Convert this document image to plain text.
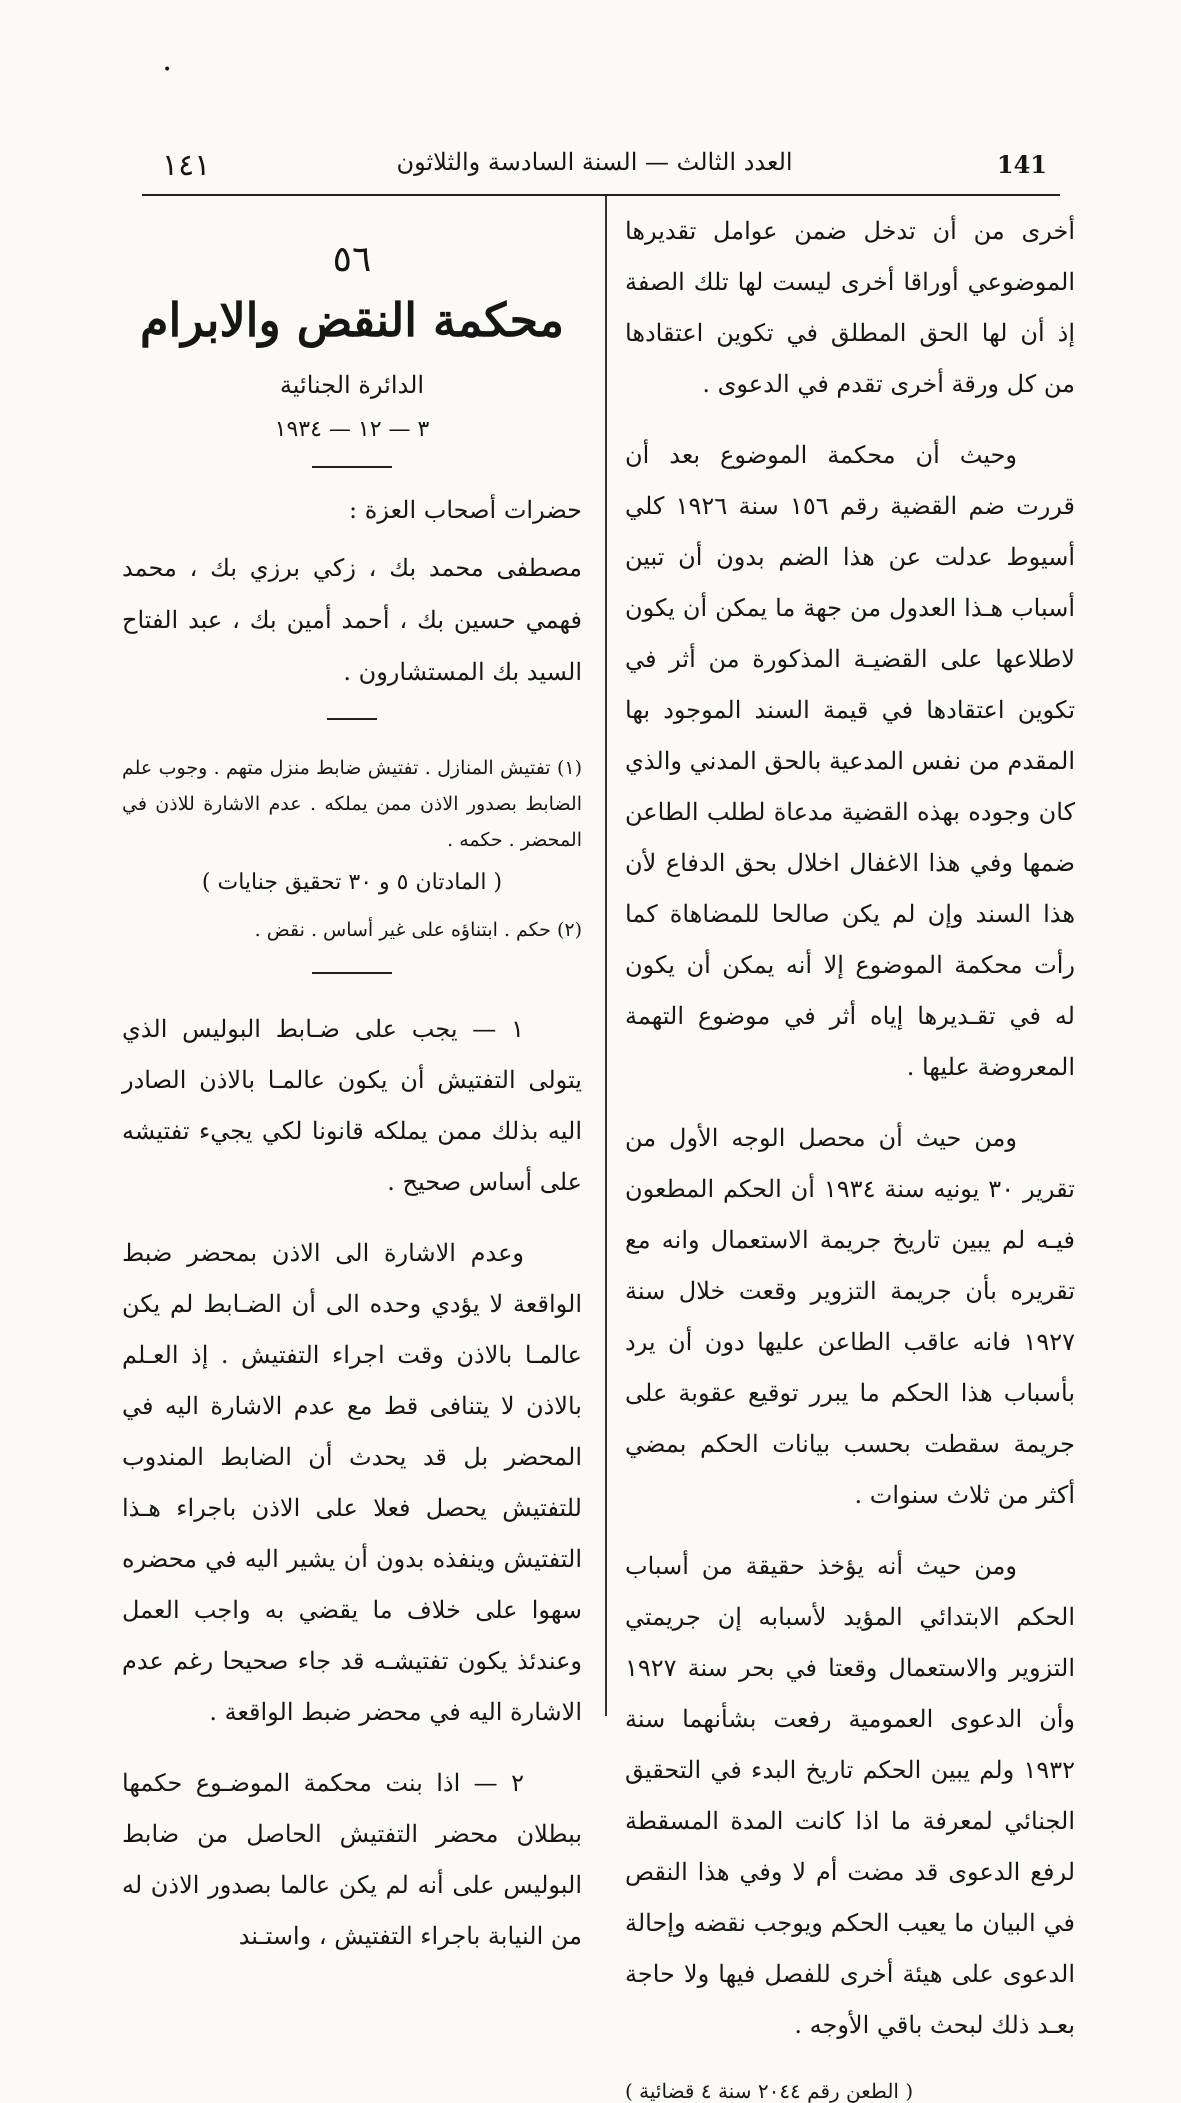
•
١٤١	العدد الثالث — السنة السادسة والثلاثون	141

أخرى من أن تدخل ضمن عوامل تقديرها الموضوعي أوراقا أخرى ليست لها تلك الصفة إذ أن لها الحق المطلق في تكوين اعتقادها من كل ورقة أخرى تقدم في الدعوى .

وحيث أن محكمة الموضوع بعد أن قررت ضم القضية رقم ١٥٦ سنة ١٩٢٦ كلي أسيوط عدلت عن هذا الضم بدون أن تبين أسباب هـذا العدول من جهة ما يمكن أن يكون لاطلاعها على القضيـة المذكورة من أثر في تكوين اعتقادها في قيمة السند الموجود بها المقدم من نفس المدعية بالحق المدني والذي كان وجوده بهذه القضية مدعاة لطلب الطاعن ضمها وفي هذا الاغفال اخلال بحق الدفاع لأن هذا السند وإن لم يكن صالحا للمضاهاة كما رأت محكمة الموضوع إلا أنه يمكن أن يكون له في تقـديرها إياه أثر في موضوع التهمة المعروضة عليها .

ومن حيث أن محصل الوجه الأول من تقرير ٣٠ يونيه سنة ١٩٣٤ أن الحكم المطعون فيـه لم يبين تاريخ جريمة الاستعمال وانه مع تقريره بأن جريمة التزوير وقعت خلال سنة ١٩٢٧ فانه عاقب الطاعن عليها دون أن يرد بأسباب هذا الحكم ما يبرر توقيع عقوبة على جريمة سقطت بحسب بيانات الحكم بمضي أكثر من ثلاث سنوات .

ومن حيث أنه يؤخذ حقيقة من أسباب الحكم الابتدائي المؤيد لأسبابه إن جريمتي التزوير والاستعمال وقعتا في بحر سنة ١٩٢٧ وأن الدعوى العمومية رفعت بشأنهما سنة ١٩٣٢ ولم يبين الحكم تاريخ البدء في التحقيق الجنائي لمعرفة ما اذا كانت المدة المسقطة لرفع الدعوى قد مضت أم لا وفي هذا النقص في البيان ما يعيب الحكم ويوجب نقضه وإحالة الدعوى على هيئة أخرى للفصل فيها ولا حاجة بعـد ذلك لبحث باقي الأوجه .

( الطعن رقم ٢٠٤٤ سنة ٤ قضائية )
٥٦
محكمة النقض والابرام
الدائرة الجنائية
٣ — ١٢ — ١٩٣٤

حضرات أصحاب العزة :

مصطفى محمد بك ، زكي برزي بك ، محمد فهمي حسين بك ، أحمد أمين بك ، عبد الفتاح السيد بك المستشارون .

(١) تفتيش المنازل . تفتيش ضابط منزل متهم . وجوب علم الضابط بصدور الاذن ممن يملكه . عدم الاشارة للاذن في المحضر . حكمه .

( المادتان ٥ و ٣٠ تحقيق جنايات )

(٢) حكم . ابتناؤه على غير أساس . نقض .

١ — يجب على ضـابط البوليس الذي يتولى التفتيش أن يكون عالمـا بالاذن الصادر اليه بذلك ممن يملكه قانونا لكي يجيء تفتيشه على أساس صحيح .

وعدم الاشارة الى الاذن بمحضر ضبط الواقعة لا يؤدي وحده الى أن الضـابط لم يكن عالمـا بالاذن وقت اجراء التفتيش . إذ العـلم بالاذن لا يتنافى قط مع عدم الاشارة اليه في المحضر بل قد يحدث أن الضابط المندوب للتفتيش يحصل فعلا على الاذن باجراء هـذا التفتيش وينفذه بدون أن يشير اليه في محضره سهوا على خلاف ما يقضي به واجب العمل وعندئذ يكون تفتيشـه قد جاء صحيحا رغم عدم الاشارة اليه في محضر ضبط الواقعة .

٢ — اذا بنت محكمة الموضـوع حكمها ببطلان محضر التفتيش الحاصل من ضابط البوليس على أنه لم يكن عالما بصدور الاذن له من النيابة باجراء التفتيش ، واستـند
